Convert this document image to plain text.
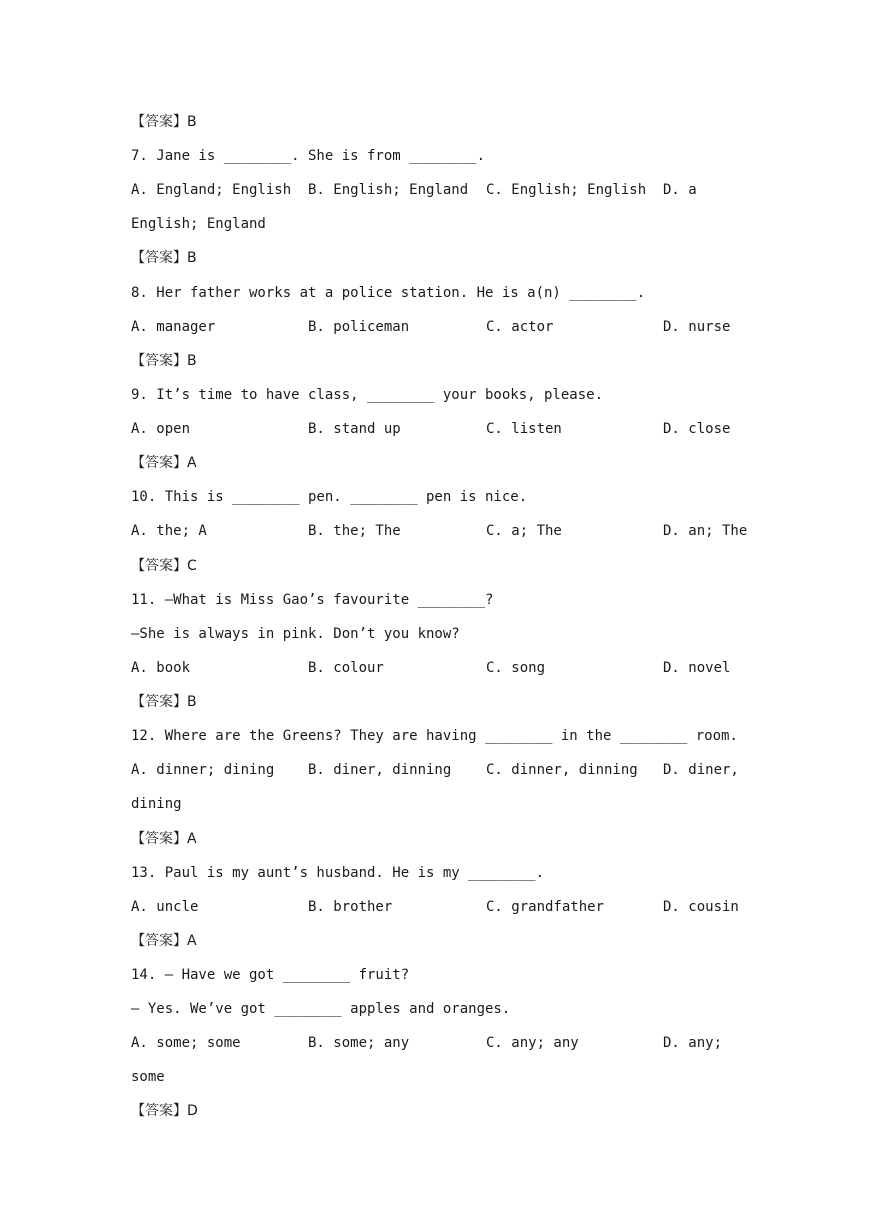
【答案】B
7. Jane is ________. She is from ________.
A. England; English B. English; England C. English; English D. a
English; England
【答案】B
8. Her father works at a police station. He is a(n) ________.
A. manager	B. policeman	C. actor	D. nurse
【答案】B
9. It’s time to have class, ________ your books, please.
A. open	B. stand up	C. listen	D. close
【答案】A
10. This is ________ pen. ________ pen is nice.
A. the; A	B. the; The	C. a; The	D. an; The
【答案】C
11. —What is Miss Gao’s favourite ________?
—She is always in pink. Don’t you know?
A. book	B. colour	C. song	D. novel
【答案】B
12. Where are the Greens? They are having ________ in the ________ room.
A. dinner; dining B. diner, dinning C. dinner, dinning D. diner,
dining
【答案】A
13. Paul is my aunt’s husband. He is my ________.
A. uncle	B. brother	C. grandfather	D. cousin
【答案】A
14. — Have we got ________ fruit?
— Yes. We’ve got ________ apples and oranges.
A. some; some	B. some; any	C. any; any	D. any;
some
【答案】D
